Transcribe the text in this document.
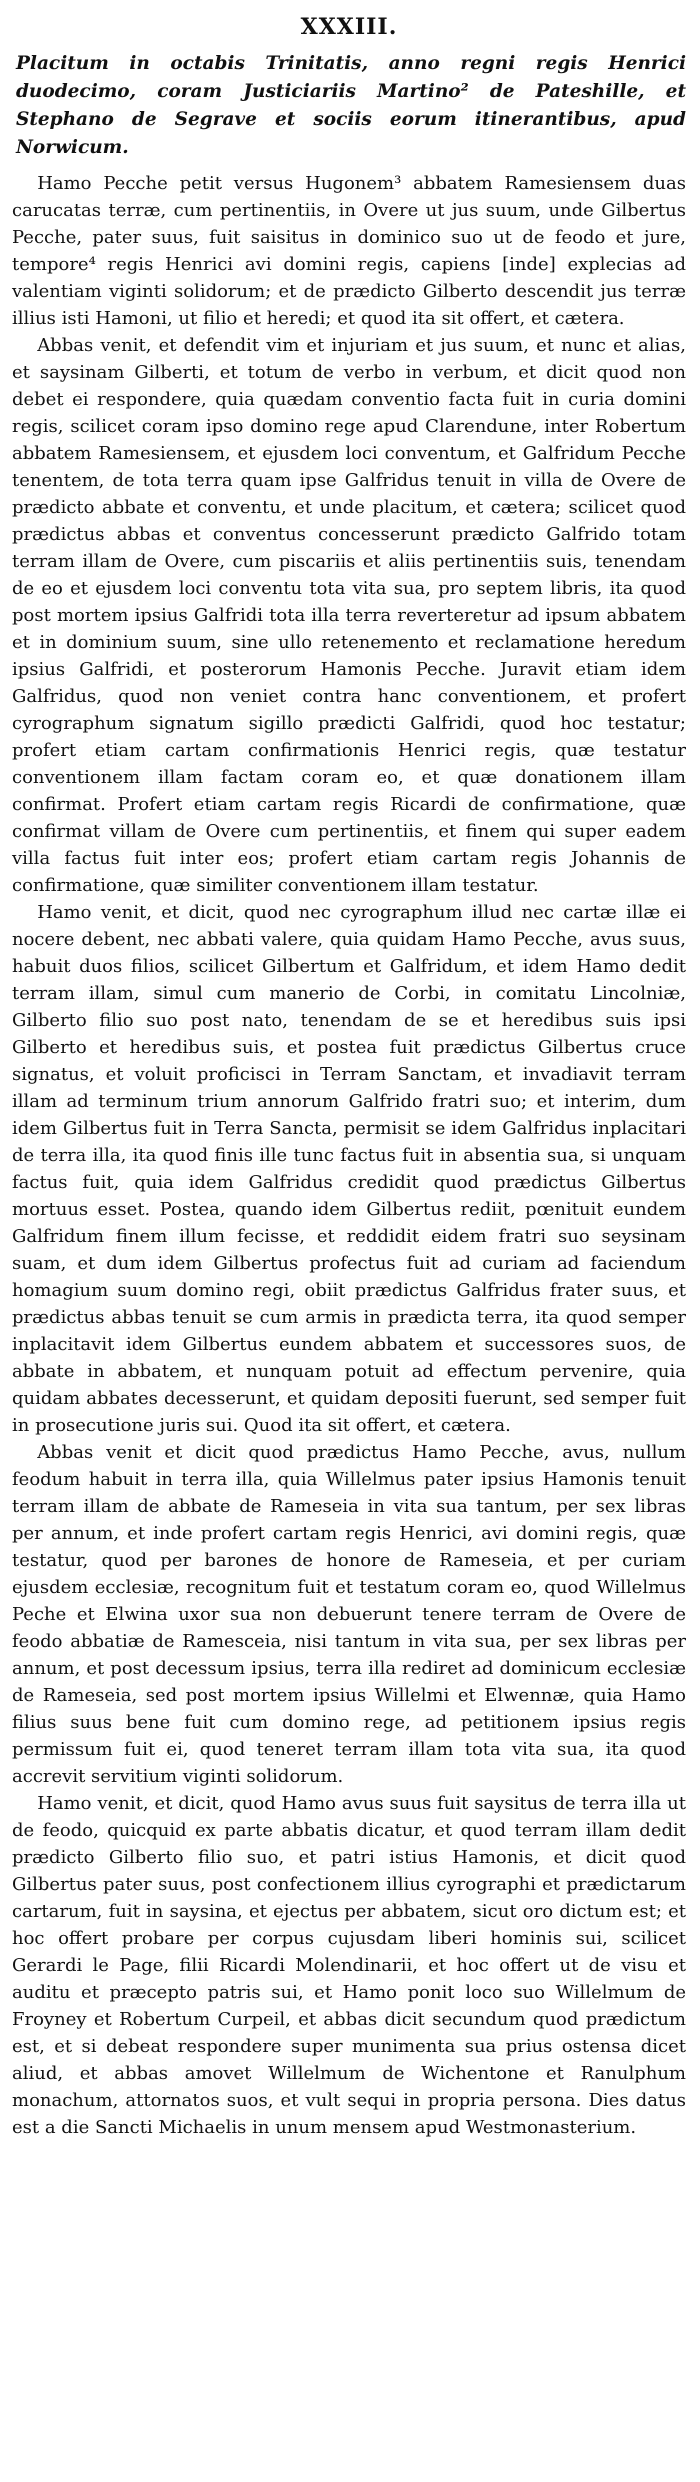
XXXIII.
Placitum in octabis Trinitatis, anno regni regis Henrici duodecimo, coram Justiciariis Martino² de Pateshille, et Stephano de Segrave et sociis eorum itinerantibus, apud Norwicum.

Hamo Pecche petit versus Hugonem³ abbatem Ramesiensem duas carucatas terræ, cum pertinentiis, in Overe ut jus suum, unde Gilbertus Pecche, pater suus, fuit saisitus in dominico suo ut de feodo et jure, tempore⁴ regis Henrici avi domini regis, capiens [inde] explecias ad valentiam viginti solidorum; et de prædicto Gilberto descendit jus terræ illius isti Hamoni, ut filio et heredi; et quod ita sit offert, et cætera.

Abbas venit, et defendit vim et injuriam et jus suum, et nunc et alias, et saysinam Gilberti, et totum de verbo in verbum, et dicit quod non debet ei respondere, quia quædam conventio facta fuit in curia domini regis, scilicet coram ipso domino rege apud Clarendune, inter Robertum abbatem Ramesiensem, et ejusdem loci conventum, et Galfridum Pecche tenentem, de tota terra quam ipse Galfridus tenuit in villa de Overe de prædicto abbate et conventu, et unde placitum, et cætera; scilicet quod prædictus abbas et conventus concesserunt prædicto Galfrido totam terram illam de Overe, cum piscariis et aliis pertinentiis suis, tenendam de eo et ejusdem loci conventu tota vita sua, pro septem libris, ita quod post mortem ipsius Galfridi tota illa terra reverteretur ad ipsum abbatem et in dominium suum, sine ullo retenemento et reclamatione heredum ipsius Galfridi, et posterorum Hamonis Pecche. Juravit etiam idem Galfridus, quod non veniet contra hanc conventionem, et profert cyrographum signatum sigillo prædicti Galfridi, quod hoc testatur; profert etiam cartam confirmationis Henrici regis, quæ testatur conventionem illam factam coram eo, et quæ donationem illam confirmat. Profert etiam cartam regis Ricardi de confirmatione, quæ confirmat villam de Overe cum pertinentiis, et finem qui super eadem villa factus fuit inter eos; profert etiam cartam regis Johannis de confirmatione, quæ similiter conventionem illam testatur.

Hamo venit, et dicit, quod nec cyrographum illud nec cartæ illæ ei nocere debent, nec abbati valere, quia quidam Hamo Pecche, avus suus, habuit duos filios, scilicet Gilbertum et Galfridum, et idem Hamo dedit terram illam, simul cum manerio de Corbi, in comitatu Lincolniæ, Gilberto filio suo post nato, tenendam de se et heredibus suis ipsi Gilberto et heredibus suis, et postea fuit prædictus Gilbertus cruce signatus, et voluit proficisci in Terram Sanctam, et invadiavit terram illam ad terminum trium annorum Galfrido fratri suo; et interim, dum idem Gilbertus fuit in Terra Sancta, permisit se idem Galfridus inplacitari de terra illa, ita quod finis ille tunc factus fuit in absentia sua, si unquam factus fuit, quia idem Galfridus credidit quod prædictus Gilbertus mortuus esset. Postea, quando idem Gilbertus rediit, pœnituit eundem Galfridum finem illum fecisse, et reddidit eidem fratri suo seysinam suam, et dum idem Gilbertus profectus fuit ad curiam ad faciendum homagium suum domino regi, obiit prædictus Galfridus frater suus, et prædictus abbas tenuit se cum armis in prædicta terra, ita quod semper inplacitavit idem Gilbertus eundem abbatem et successores suos, de abbate in abbatem, et nunquam potuit ad effectum pervenire, quia quidam abbates decesserunt, et quidam depositi fuerunt, sed semper fuit in prosecutione juris sui. Quod ita sit offert, et cætera.

Abbas venit et dicit quod prædictus Hamo Pecche, avus, nullum feodum habuit in terra illa, quia Willelmus pater ipsius Hamonis tenuit terram illam de abbate de Rameseia in vita sua tantum, per sex libras per annum, et inde profert cartam regis Henrici, avi domini regis, quæ testatur, quod per barones de honore de Rameseia, et per curiam ejusdem ecclesiæ, recognitum fuit et testatum coram eo, quod Willelmus Peche et Elwina uxor sua non debuerunt tenere terram de Overe de feodo abbatiæ de Ramesceia, nisi tantum in vita sua, per sex libras per annum, et post decessum ipsius, terra illa rediret ad dominicum ecclesiæ de Rameseia, sed post mortem ipsius Willelmi et Elwennæ, quia Hamo filius suus bene fuit cum domino rege, ad petitionem ipsius regis permissum fuit ei, quod teneret terram illam tota vita sua, ita quod accrevit servitium viginti solidorum.

Hamo venit, et dicit, quod Hamo avus suus fuit saysitus de terra illa ut de feodo, quicquid ex parte abbatis dicatur, et quod terram illam dedit prædicto Gilberto filio suo, et patri istius Hamonis, et dicit quod Gilbertus pater suus, post confectionem illius cyrographi et prædictarum cartarum, fuit in saysina, et ejectus per abbatem, sicut oro dictum est; et hoc offert probare per corpus cujusdam liberi hominis sui, scilicet Gerardi le Page, filii Ricardi Molendinarii, et hoc offert ut de visu et auditu et præcepto patris sui, et Hamo ponit loco suo Willelmum de Froyney et Robertum Curpeil, et abbas dicit secundum quod prædictum est, et si debeat respondere super munimenta sua prius ostensa dicet aliud, et abbas amovet Willelmum de Wichentone et Ranulphum monachum, attornatos suos, et vult sequi in propria persona. Dies datus est a die Sancti Michaelis in unum mensem apud Westmonasterium.
